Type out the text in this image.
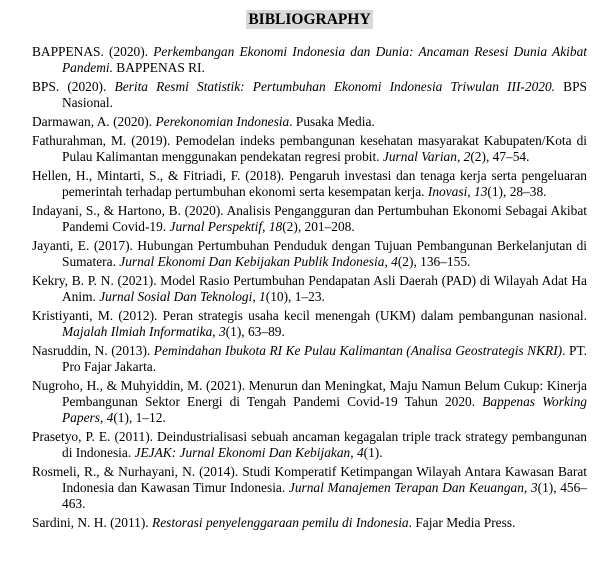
BIBLIOGRAPHY
BAPPENAS. (2020). Perkembangan Ekonomi Indonesia dan Dunia: Ancaman Resesi Dunia Akibat Pandemi. BAPPENAS RI.
BPS. (2020). Berita Resmi Statistik: Pertumbuhan Ekonomi Indonesia Triwulan III-2020. BPS Nasional.
Darmawan, A. (2020). Perekonomian Indonesia. Pusaka Media.
Fathurahman, M. (2019). Pemodelan indeks pembangunan kesehatan masyarakat Kabupaten/Kota di Pulau Kalimantan menggunakan pendekatan regresi probit. Jurnal Varian, 2(2), 47–54.
Hellen, H., Mintarti, S., & Fitriadi, F. (2018). Pengaruh investasi dan tenaga kerja serta pengeluaran pemerintah terhadap pertumbuhan ekonomi serta kesempatan kerja. Inovasi, 13(1), 28–38.
Indayani, S., & Hartono, B. (2020). Analisis Pengangguran dan Pertumbuhan Ekonomi Sebagai Akibat Pandemi Covid-19. Jurnal Perspektif, 18(2), 201–208.
Jayanti, E. (2017). Hubungan Pertumbuhan Penduduk dengan Tujuan Pembangunan Berkelanjutan di Sumatera. Jurnal Ekonomi Dan Kebijakan Publik Indonesia, 4(2), 136–155.
Kekry, B. P. N. (2021). Model Rasio Pertumbuhan Pendapatan Asli Daerah (PAD) di Wilayah Adat Ha Anim. Jurnal Sosial Dan Teknologi, 1(10), 1–23.
Kristiyanti, M. (2012). Peran strategis usaha kecil menengah (UKM) dalam pembangunan nasional. Majalah Ilmiah Informatika, 3(1), 63–89.
Nasruddin, N. (2013). Pemindahan Ibukota RI Ke Pulau Kalimantan (Analisa Geostrategis NKRI). PT. Pro Fajar Jakarta.
Nugroho, H., & Muhyiddin, M. (2021). Menurun dan Meningkat, Maju Namun Belum Cukup: Kinerja Pembangunan Sektor Energi di Tengah Pandemi Covid-19 Tahun 2020. Bappenas Working Papers, 4(1), 1–12.
Prasetyo, P. E. (2011). Deindustrialisasi sebuah ancaman kegagalan triple track strategy pembangunan di Indonesia. JEJAK: Jurnal Ekonomi Dan Kebijakan, 4(1).
Rosmeli, R., & Nurhayani, N. (2014). Studi Komperatif Ketimpangan Wilayah Antara Kawasan Barat Indonesia dan Kawasan Timur Indonesia. Jurnal Manajemen Terapan Dan Keuangan, 3(1), 456–463.
Sardini, N. H. (2011). Restorasi penyelenggaraan pemilu di Indonesia. Fajar Media Press.
